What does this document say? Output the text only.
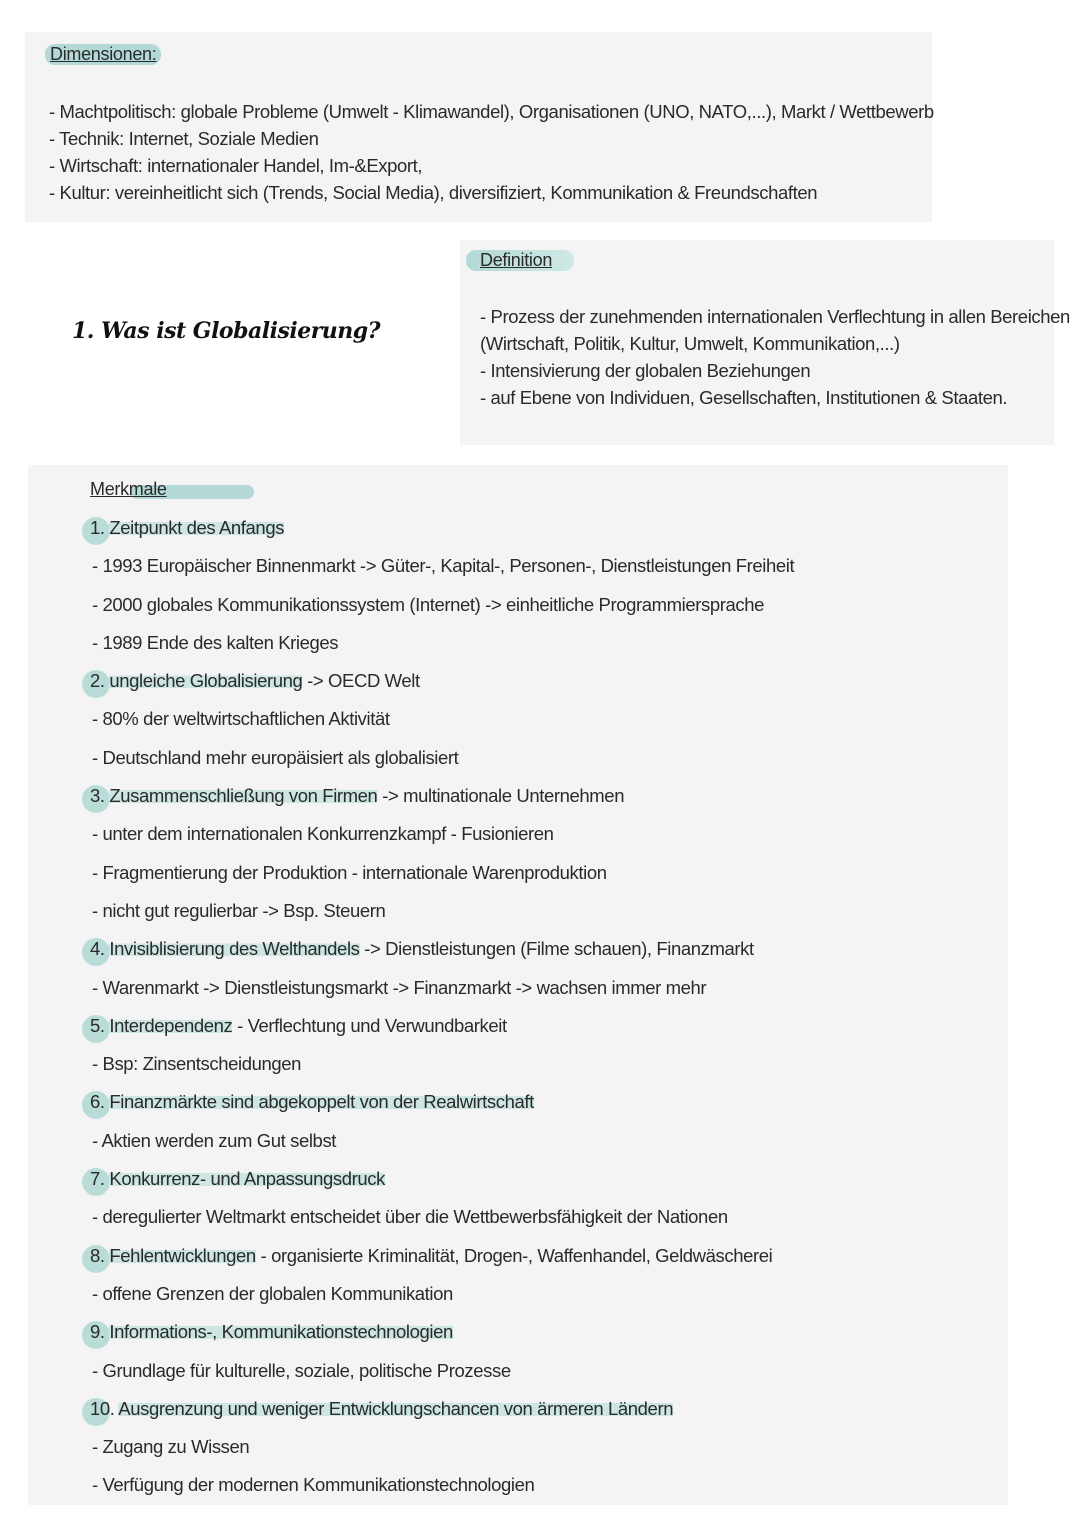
Dimensionen:
- Machtpolitisch: globale Probleme (Umwelt - Klimawandel), Organisationen (UNO, NATO,...), Markt / Wettbewerb
- Technik: Internet, Soziale Medien
- Wirtschaft: internationaler Handel, Im-&Export,
- Kultur: vereinheitlicht sich (Trends, Social Media), diversifiziert, Kommunikation & Freundschaften
Definition
- Prozess der zunehmenden internationalen Verflechtung in allen Bereichen
(Wirtschaft, Politik, Kultur, Umwelt, Kommunikation,...)
- Intensivierung der globalen Beziehungen
- auf Ebene von Individuen, Gesellschaften, Institutionen & Staaten.
1. Was ist Globalisierung?
Merkmale
1. Zeitpunkt des Anfangs
- 1993 Europäischer Binnenmarkt -> Güter-, Kapital-, Personen-, Dienstleistungen Freiheit
- 2000 globales Kommunikationssystem (Internet) -> einheitliche Programmiersprache
- 1989 Ende des kalten Krieges
2. ungleiche Globalisierung -> OECD Welt
- 80% der weltwirtschaftlichen Aktivität
- Deutschland mehr europäisiert als globalisiert
3. Zusammenschließung von Firmen -> multinationale Unternehmen
- unter dem internationalen Konkurrenzkampf - Fusionieren
- Fragmentierung der Produktion - internationale Warenproduktion
- nicht gut regulierbar -> Bsp. Steuern
4. Invisiblisierung des Welthandels -> Dienstleistungen (Filme schauen), Finanzmarkt
- Warenmarkt -> Dienstleistungsmarkt -> Finanzmarkt -> wachsen immer mehr
5. Interdependenz - Verflechtung und Verwundbarkeit
- Bsp: Zinsentscheidungen
6. Finanzmärkte sind abgekoppelt von der Realwirtschaft
- Aktien werden zum Gut selbst
7. Konkurrenz- und Anpassungsdruck
- deregulierter Weltmarkt entscheidet über die Wettbewerbsfähigkeit der Nationen
8. Fehlentwicklungen - organisierte Kriminalität, Drogen-, Waffenhandel, Geldwäscherei
- offene Grenzen der globalen Kommunikation
9. Informations-, Kommunikationstechnologien
- Grundlage für kulturelle, soziale, politische Prozesse
10. Ausgrenzung und weniger Entwicklungschancen von ärmeren Ländern
- Zugang zu Wissen
- Verfügung der modernen Kommunikationstechnologien
